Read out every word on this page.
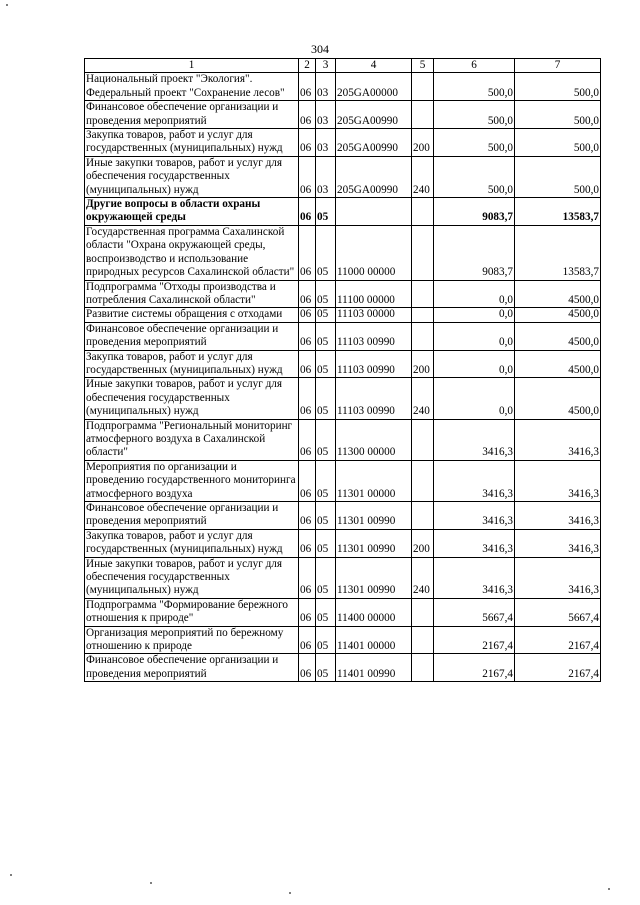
304
1	2	3	4	5	6	7
Национальный проект "Экология". Федеральный проект "Сохранение лесов"	06	03	205GA00000		500,0	500,0
Финансовое обеспечение организации и проведения мероприятий	06	03	205GA00990		500,0	500,0
Закупка товаров, работ и услуг для государственных (муниципальных) нужд	06	03	205GA00990	200	500,0	500,0
Иные закупки товаров, работ и услуг для обеспечения государственных (муниципальных) нужд	06	03	205GA00990	240	500,0	500,0
Другие вопросы в области охраны окружающей среды	06	05			9083,7	13583,7
Государственная программа Сахалинской области "Охрана окружающей среды, воспроизводство и использование природных ресурсов Сахалинской области"	06	05	11000 00000		9083,7	13583,7
Подпрограмма "Отходы производства и потребления Сахалинской области"	06	05	11100 00000		0,0	4500,0
Развитие системы обращения с отходами	06	05	11103 00000		0,0	4500,0
Финансовое обеспечение организации и проведения мероприятий	06	05	11103 00990		0,0	4500,0
Закупка товаров, работ и услуг для государственных (муниципальных) нужд	06	05	11103 00990	200	0,0	4500,0
Иные закупки товаров, работ и услуг для обеспечения государственных (муниципальных) нужд	06	05	11103 00990	240	0,0	4500,0
Подпрограмма "Региональный мониторинг атмосферного воздуха в Сахалинской области"	06	05	11300 00000		3416,3	3416,3
Мероприятия по организации и проведению государственного мониторинга атмосферного воздуха	06	05	11301 00000		3416,3	3416,3
Финансовое обеспечение организации и проведения мероприятий	06	05	11301 00990		3416,3	3416,3
Закупка товаров, работ и услуг для государственных (муниципальных) нужд	06	05	11301 00990	200	3416,3	3416,3
Иные закупки товаров, работ и услуг для обеспечения государственных (муниципальных) нужд	06	05	11301 00990	240	3416,3	3416,3
Подпрограмма "Формирование бережного отношения к природе"	06	05	11400 00000		5667,4	5667,4
Организация мероприятий по бережному отношению к природе	06	05	11401 00000		2167,4	2167,4
Финансовое обеспечение организации и проведения мероприятий	06	05	11401 00990		2167,4	2167,4
